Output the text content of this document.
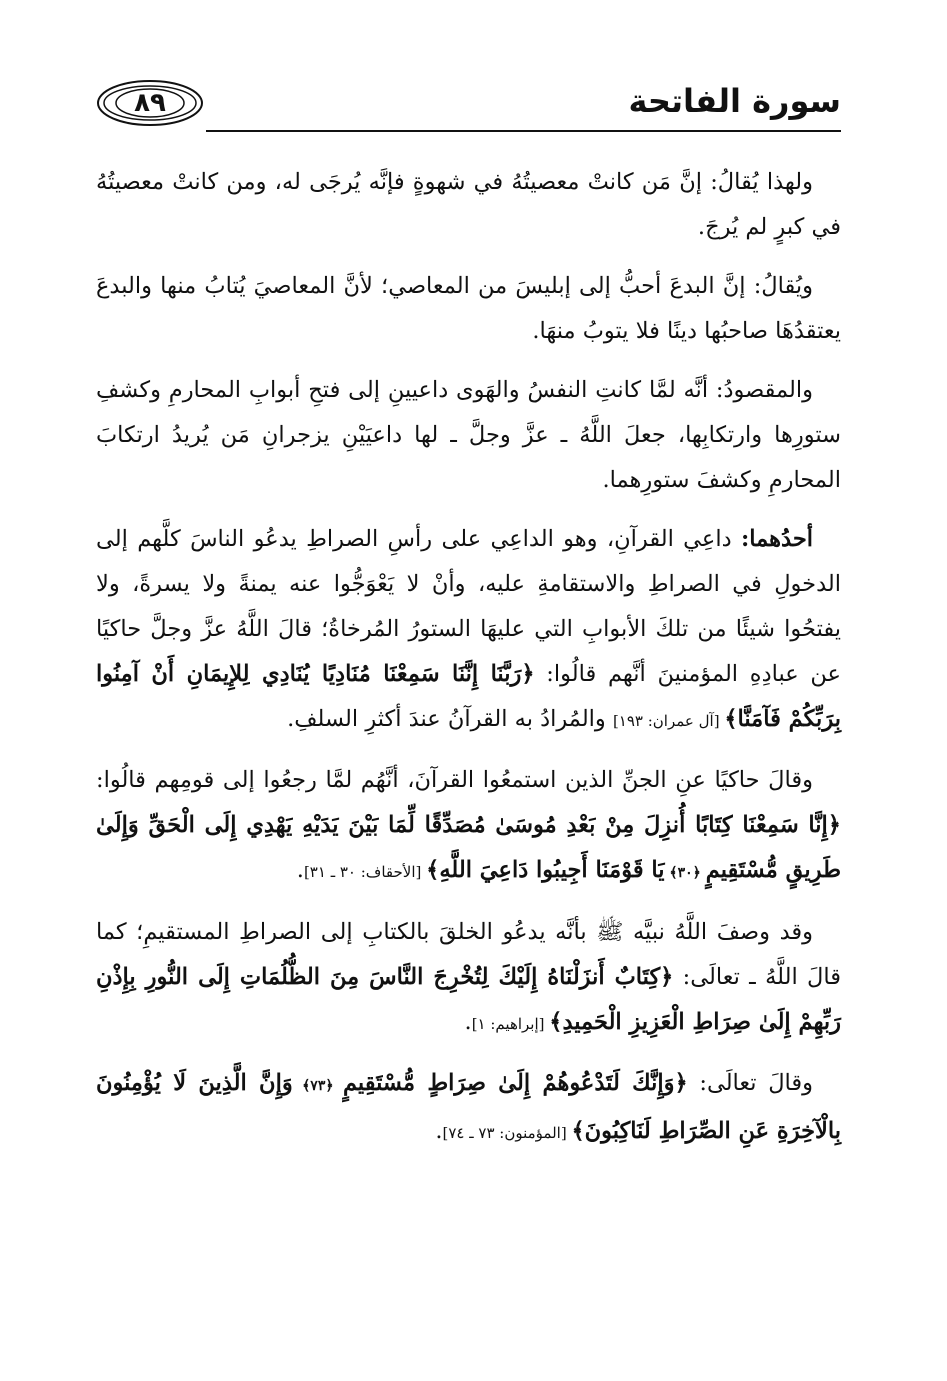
٨٩	سورة الفاتحة

ولهذا يُقالُ: إنَّ مَن كانتْ معصيتُهُ في شهوةٍ فإنَّه يُرجَى له، ومن كانتْ معصيتُهُ في كبرٍ لم يُرجَ.

ويُقالُ: إنَّ البدعَ أحبُّ إلى إبليسَ من المعاصي؛ لأنَّ المعاصيَ يُتابُ منها والبدعَ يعتقدُهَا صاحبُها دينًا فلا يتوبُ منهَا.

والمقصودُ: أنَّه لمَّا كانتِ النفسُ والهَوى داعيينِ إلى فتحِ أبوابِ المحارمِ وكشفِ ستورِها وارتكابِها، جعلَ اللَّهُ ـ عزَّ وجلَّ ـ لها داعيَيْنِ يزجرانِ مَن يُريدُ ارتكابَ المحارمِ وكشفَ ستورِهما.

أحدُهما: داعِي القرآنِ، وهو الداعِي على رأسِ الصراطِ يدعُو الناسَ كلَّهم إلى الدخولِ في الصراطِ والاستقامةِ عليه، وأنْ لا يَعْوَجُّوا عنه يمنةً ولا يسرةً، ولا يفتحُوا شيئًا من تلكَ الأبوابِ التي عليهَا الستورُ المُرخاةُ؛ قالَ اللَّهُ عزَّ وجلَّ حاكيًا عن عبادِهِ المؤمنينَ أنَّهم قالُوا: ﴿رَبَّنَا إِنَّنَا سَمِعْنَا مُنَادِيًا يُنَادِي لِلإِيمَانِ أَنْ آمِنُوا بِرَبِّكُمْ فَآمَنَّا﴾ [آل عمران: ١٩٣] والمُرادُ به القرآنُ عندَ أكثرِ السلفِ.

وقالَ حاكيًا عنِ الجنِّ الذين استمعُوا القرآنَ، أنَّهُم لمَّا رجعُوا إلى قومِهم قالُوا: ﴿إِنَّا سَمِعْنَا كِتَابًا أُنزِلَ مِنْ بَعْدِ مُوسَىٰ مُصَدِّقًا لِّمَا بَيْنَ يَدَيْهِ يَهْدِي إِلَى الْحَقِّ وَإِلَىٰ طَرِيقٍ مُّسْتَقِيمٍ ﴿٣٠﴾ يَا قَوْمَنَا أَجِيبُوا دَاعِيَ اللَّهِ﴾ [الأحقاف: ٣٠ ـ ٣١].

وقد وصفَ اللَّهُ نبيَّه ﷺ بأنَّه يدعُو الخلقَ بالكتابِ إلى الصراطِ المستقيمِ؛ كما قالَ اللَّهُ ـ تعالَى: ﴿كِتَابٌ أَنزَلْنَاهُ إِلَيْكَ لِتُخْرِجَ النَّاسَ مِنَ الظُّلُمَاتِ إِلَى النُّورِ بِإِذْنِ رَبِّهِمْ إِلَىٰ صِرَاطِ الْعَزِيزِ الْحَمِيدِ﴾ [إبراهيم: ١].

وقالَ تعالَى: ﴿وَإِنَّكَ لَتَدْعُوهُمْ إِلَىٰ صِرَاطٍ مُّسْتَقِيمٍ ﴿٧٣﴾ وَإِنَّ الَّذِينَ لَا يُؤْمِنُونَ بِالْآخِرَةِ عَنِ الصِّرَاطِ لَنَاكِبُونَ﴾ [المؤمنون: ٧٣ ـ ٧٤].
